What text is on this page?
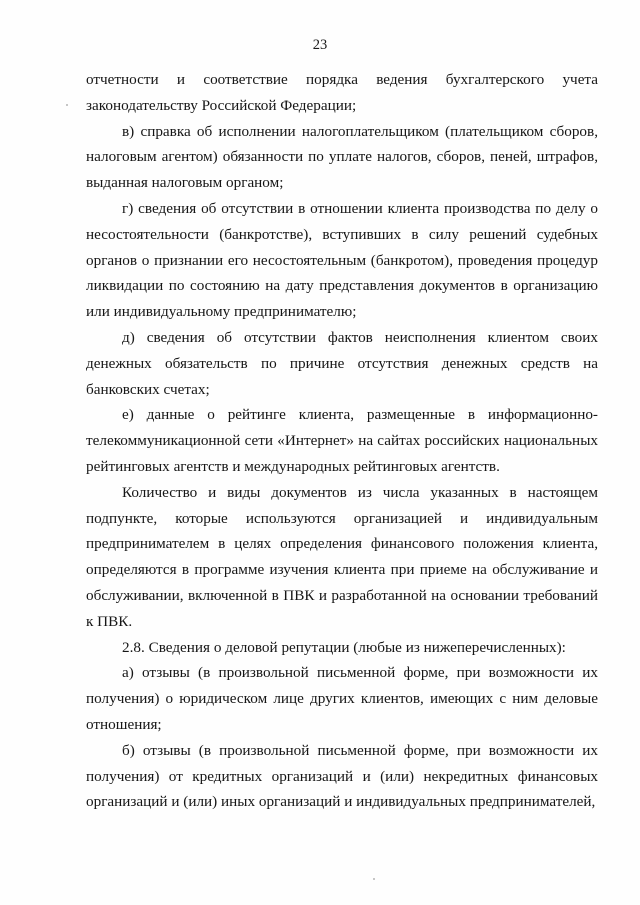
23

отчетности и соответствие порядка ведения бухгалтерского учета законодательству Российской Федерации;

в) справка об исполнении налогоплательщиком (плательщиком сборов, налоговым агентом) обязанности по уплате налогов, сборов, пеней, штрафов, выданная налоговым органом;

г) сведения об отсутствии в отношении клиента производства по делу о несостоятельности (банкротстве), вступивших в силу решений судебных органов о признании его несостоятельным (банкротом), проведения процедур ликвидации по состоянию на дату представления документов в организацию или индивидуальному предпринимателю;

д) сведения об отсутствии фактов неисполнения клиентом своих денежных обязательств по причине отсутствия денежных средств на банковских счетах;

е) данные о рейтинге клиента, размещенные в информационно-телекоммуникационной сети «Интернет» на сайтах российских национальных рейтинговых агентств и международных рейтинговых агентств.

Количество и виды документов из числа указанных в настоящем подпункте, которые используются организацией и индивидуальным предпринимателем в целях определения финансового положения клиента, определяются в программе изучения клиента при приеме на обслуживание и обслуживании, включенной в ПВК и разработанной на основании требований к ПВК.

2.8. Сведения о деловой репутации (любые из нижеперечисленных):

а) отзывы (в произвольной письменной форме, при возможности их получения) о юридическом лице других клиентов, имеющих с ним деловые отношения;

б) отзывы (в произвольной письменной форме, при возможности их получения) от кредитных организаций и (или) некредитных финансовых организаций и (или) иных организаций и индивидуальных предпринимателей,
